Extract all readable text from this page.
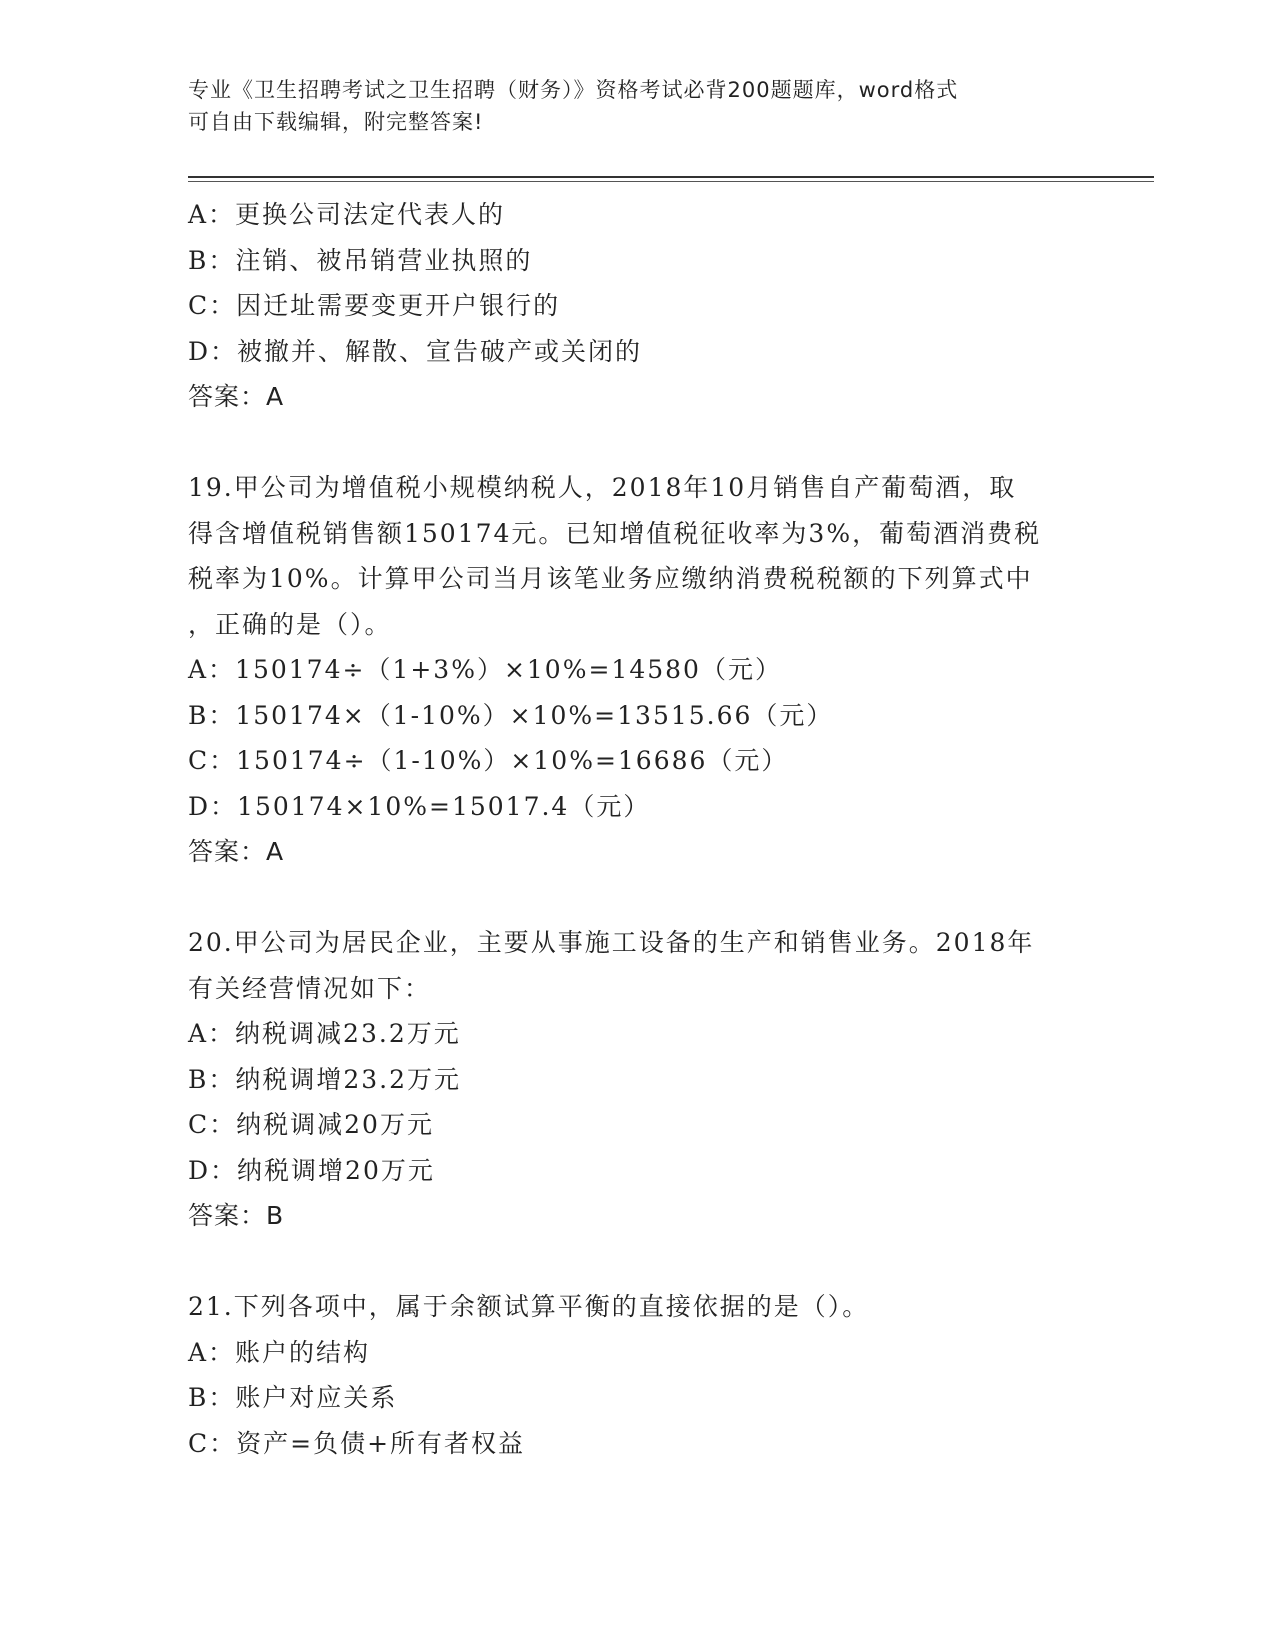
专业《卫生招聘考试之卫生招聘（财务）》资格考试必背200题题库，word格式
可自由下载编辑，附完整答案!
A：更换公司法定代表人的
B：注销、被吊销营业执照的
C：因迁址需要变更开户银行的
D：被撤并、解散、宣告破产或关闭的
答案：A
19.甲公司为增值税小规模纳税人，2018年10月销售自产葡萄酒，取
得含增值税销售额150174元。已知增值税征收率为3%，葡萄酒消费税
税率为10%。计算甲公司当月该笔业务应缴纳消费税税额的下列算式中
，正确的是（）。
A：150174÷（1+3%）×10%=14580（元）
B：150174×（1-10%）×10%=13515.66（元）
C：150174÷（1-10%）×10%=16686（元）
D：150174×10%=15017.4（元）
答案：A
20.甲公司为居民企业，主要从事施工设备的生产和销售业务。2018年
有关经营情况如下：
A：纳税调减23.2万元
B：纳税调增23.2万元
C：纳税调减20万元
D：纳税调增20万元
答案：B
21.下列各项中，属于余额试算平衡的直接依据的是（）。
A：账户的结构
B：账户对应关系
C：资产=负债+所有者权益
